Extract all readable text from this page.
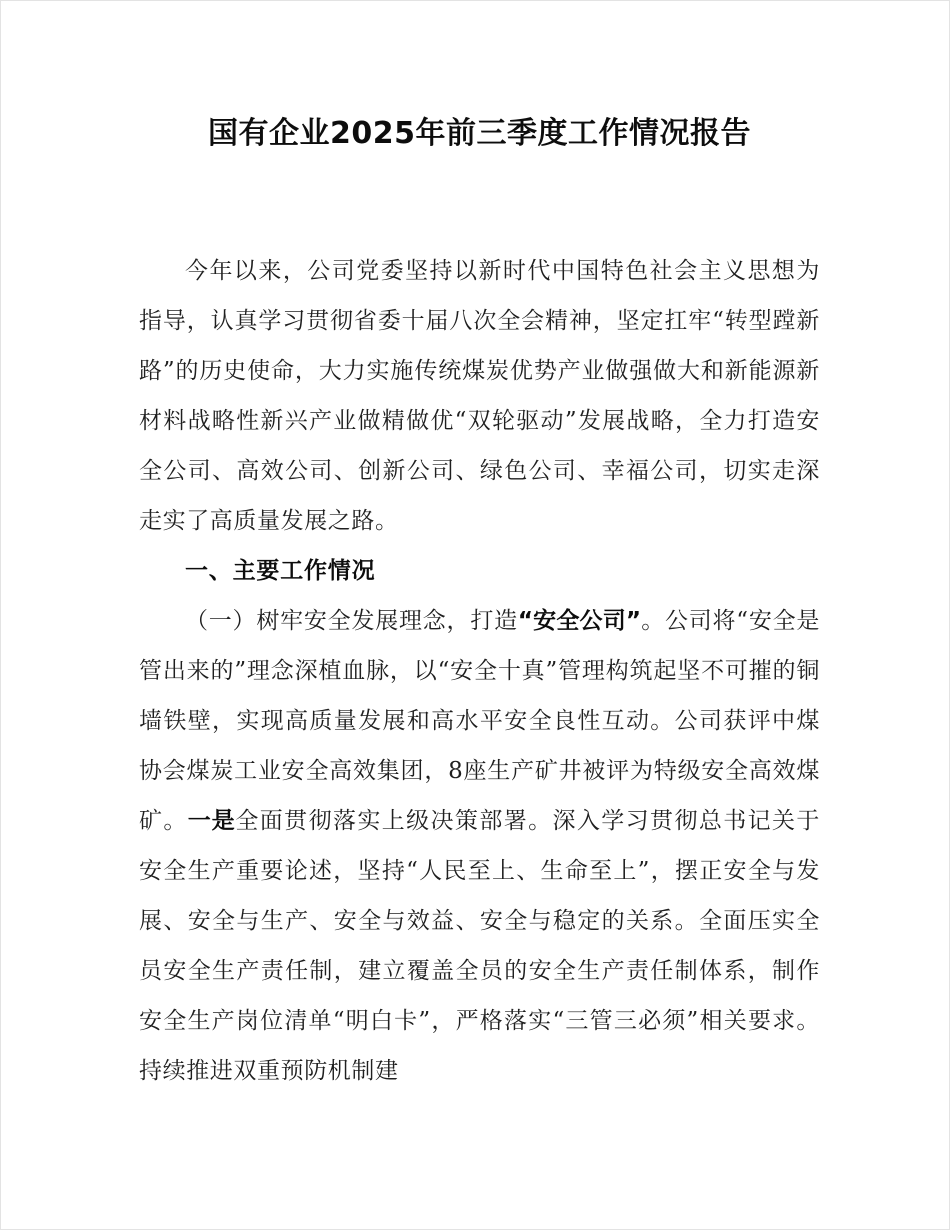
国有企业2025年前三季度工作情况报告

今年以来，公司党委坚持以新时代中国特色社会主义思想为指导，认真学习贯彻省委十届八次全会精神，坚定扛牢“转型蹚新路”的历史使命，大力实施传统煤炭优势产业做强做大和新能源新材料战略性新兴产业做精做优“双轮驱动”发展战略，全力打造安全公司、高效公司、创新公司、绿色公司、幸福公司，切实走深走实了高质量发展之路。

一、主要工作情况

（一）树牢安全发展理念，打造“安全公司”。公司将“安全是管出来的”理念深植血脉，以“安全十真”管理构筑起坚不可摧的铜墙铁壁，实现高质量发展和高水平安全良性互动。公司获评中煤协会煤炭工业安全高效集团，8座生产矿井被评为特级安全高效煤矿。一是全面贯彻落实上级决策部署。深入学习贯彻总书记关于安全生产重要论述，坚持“人民至上、生命至上”，摆正安全与发展、安全与生产、安全与效益、安全与稳定的关系。全面压实全员安全生产责任制，建立覆盖全员的安全生产责任制体系，制作安全生产岗位清单“明白卡”，严格落实“三管三必须”相关要求。持续推进双重预防机制建
